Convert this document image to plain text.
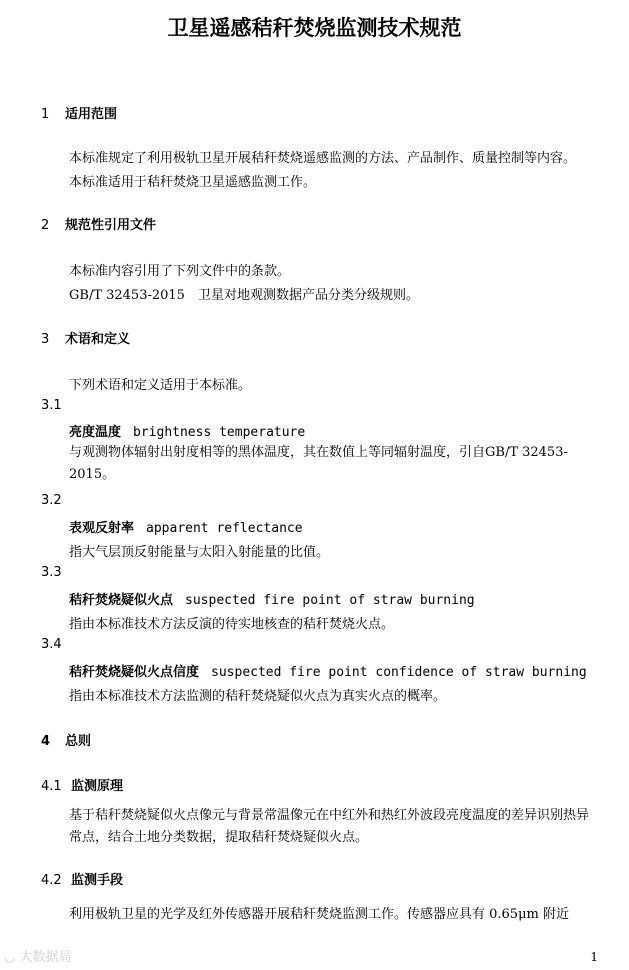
卫星遥感秸秆焚烧监测技术规范
1 适用范围
本标准规定了利用极轨卫星开展秸秆焚烧遥感监测的方法、产品制作、质量控制等内容。
本标准适用于秸秆焚烧卫星遥感监测工作。
2 规范性引用文件
本标准内容引用了下列文件中的条款。
GB/T 32453-2015　卫星对地观测数据产品分类分级规则。
3 术语和定义
下列术语和定义适用于本标准。
3.1
亮度温度 brightness temperature
与观测物体辐射出射度相等的黑体温度，其在数值上等同辐射温度，引自GB/T 32453-2015。
3.2
表观反射率 apparent reflectance
指大气层顶反射能量与太阳入射能量的比值。
3.3
秸秆焚烧疑似火点 suspected fire point of straw burning
指由本标准技术方法反演的待实地核查的秸秆焚烧火点。
3.4
秸秆焚烧疑似火点信度 suspected fire point confidence of straw burning
指由本标准技术方法监测的秸秆焚烧疑似火点为真实火点的概率。
4 总则
4.1 监测原理
基于秸秆焚烧疑似火点像元与背景常温像元在中红外和热红外波段亮度温度的差异识别热异常点，结合土地分类数据，提取秸秆焚烧疑似火点。
4.2 监测手段
利用极轨卫星的光学及红外传感器开展秸秆焚烧监测工作。传感器应具有 0.65μm 附近
◡ 大数据局	1
